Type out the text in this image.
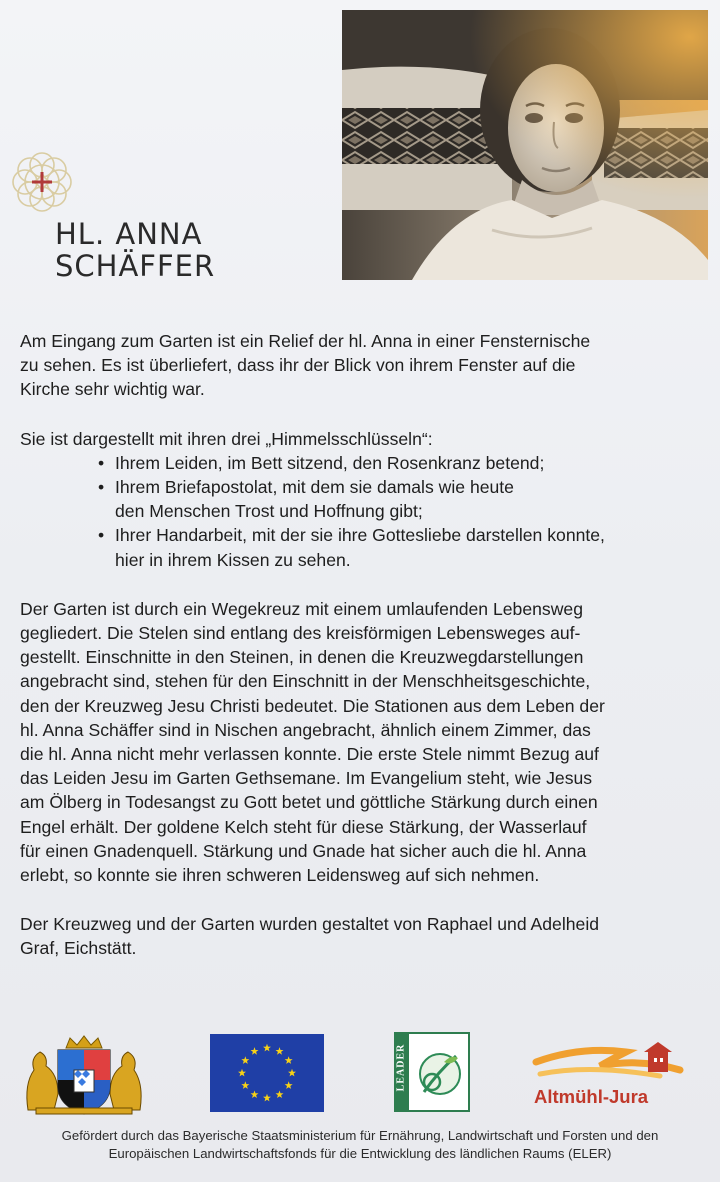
HL. ANNA
SCHÄFFER

Am Eingang zum Garten ist ein Relief der hl. Anna in einer Fensternische
zu sehen. Es ist überliefert, dass ihr der Blick von ihrem Fenster auf die
Kirche sehr wichtig war.

Sie ist dargestellt mit ihren drei „Himmelsschlüsseln“:

• Ihrem Leiden, im Bett sitzend, den Rosenkranz betend;
• Ihrem Briefapostolat, mit dem sie damals wie heute
den Menschen Trost und Hoffnung gibt;
• Ihrer Handarbeit, mit der sie ihre Gottesliebe darstellen konnte,
hier in ihrem Kissen zu sehen.

Der Garten ist durch ein Wegekreuz mit einem umlaufenden Lebensweg
gegliedert. Die Stelen sind entlang des kreisförmigen Lebensweges auf-
gestellt. Einschnitte in den Steinen, in denen die Kreuzwegdarstellungen
angebracht sind, stehen für den Einschnitt in der Menschheitsgeschichte,
den der Kreuzweg Jesu Christi bedeutet. Die Stationen aus dem Leben der
hl. Anna Schäffer sind in Nischen angebracht, ähnlich einem Zimmer, das
die hl. Anna nicht mehr verlassen konnte. Die erste Stele nimmt Bezug auf
das Leiden Jesu im Garten Gethsemane. Im Evangelium steht, wie Jesus
am Ölberg in Todesangst zu Gott betet und göttliche Stärkung durch einen
Engel erhält. Der goldene Kelch steht für diese Stärkung, der Wasserlauf
für einen Gnadenquell. Stärkung und Gnade hat sicher auch die hl. Anna
erlebt, so konnte sie ihren schweren Leidensweg auf sich nehmen.

Der Kreuzweg und der Garten wurden gestaltet von Raphael und Adelheid
Graf, Eichstätt.

LEADER
Altmühl-Jura
Gefördert durch das Bayerische Staatsministerium für Ernährung, Landwirtschaft und Forsten und den
Europäischen Landwirtschaftsfonds für die Entwicklung des ländlichen Raums (ELER)
